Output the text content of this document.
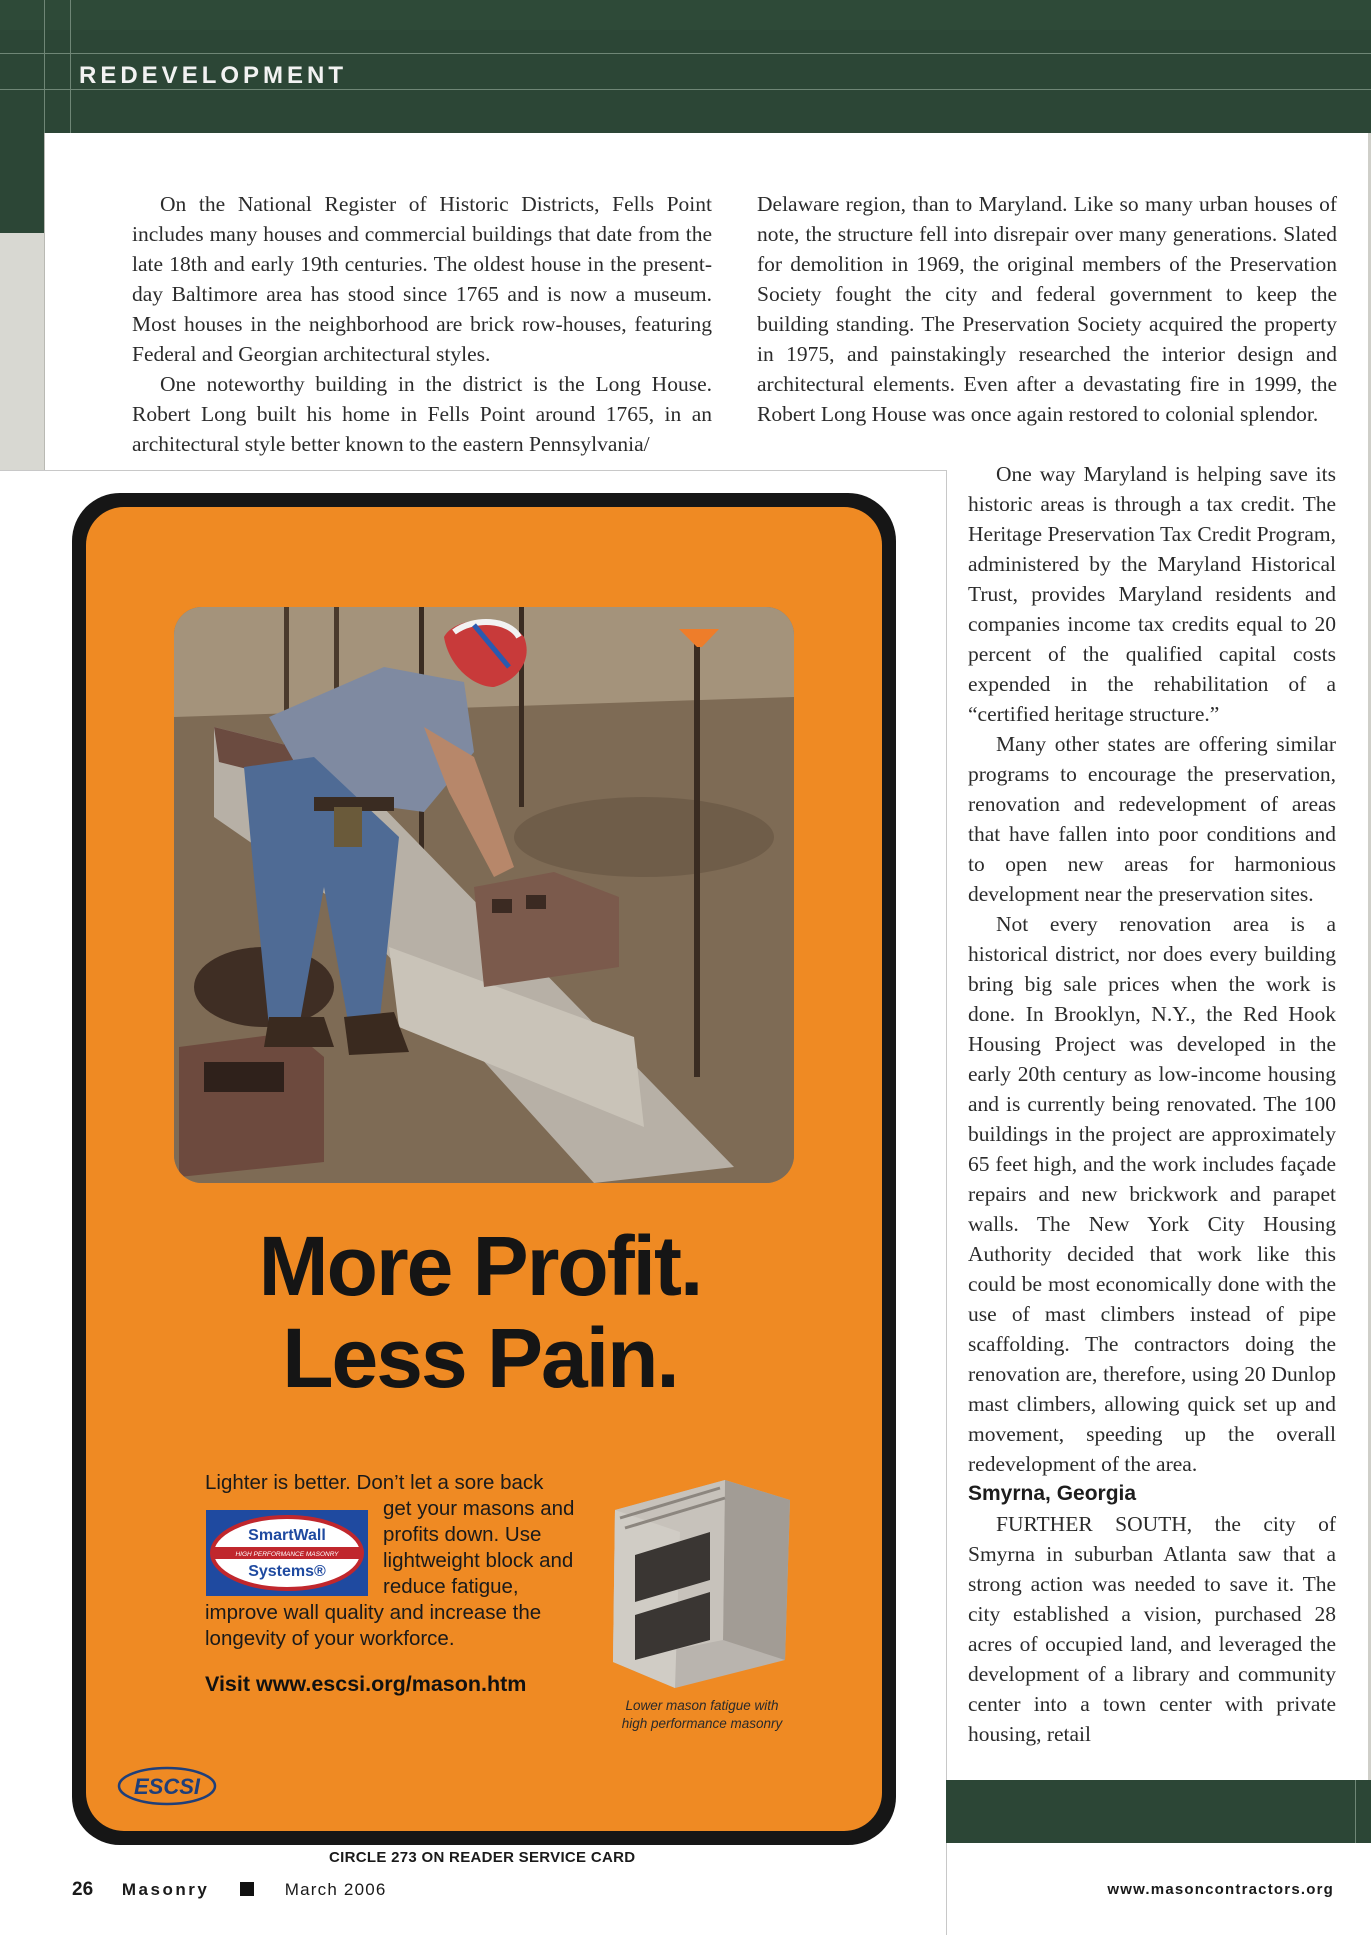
REDEVELOPMENT

On the National Register of Historic Districts, Fells Point includes many houses and commercial buildings that date from the late 18th and early 19th centuries. The oldest house in the present-day Baltimore area has stood since 1765 and is now a museum. Most houses in the neighborhood are brick row-houses, featuring Federal and Georgian architectural styles.

One noteworthy building in the district is the Long House. Robert Long built his home in Fells Point around 1765, in an architectural style better known to the eastern Pennsylvania/

Delaware region, than to Maryland. Like so many urban houses of note, the structure fell into disrepair over many generations. Slated for demolition in 1969, the original members of the Preservation Society fought the city and federal government to keep the building standing. The Preservation Society acquired the property in 1975, and painstakingly researched the interior design and architectural elements. Even after a devastating fire in 1999, the Robert Long House was once again restored to colonial splendor.

More Profit.
Less Pain.
Lighter is better. Don’t let a sore back
get your masons and profits down. Use lightweight block and reduce fatigue,
improve wall quality and increase the longevity of your workforce.
SmartWall
HIGH PERFORMANCE MASONRY
Systems®
Visit www.escsi.org/mason.htm
Lower mason fatigue with high performance masonry
ESCSI
CIRCLE 273 ON READER SERVICE CARD

One way Maryland is helping save its historic areas is through a tax credit. The Heritage Preservation Tax Credit Program, administered by the Maryland Historical Trust, provides Maryland residents and companies income tax credits equal to 20 percent of the qualified capital costs expended in the rehabilitation of a “certified heritage structure.”

Many other states are offering similar programs to encourage the preservation, renovation and redevelopment of areas that have fallen into poor conditions and to open new areas for harmonious development near the preservation sites.

Not every renovation area is a historical district, nor does every building bring big sale prices when the work is done. In Brooklyn, N.Y., the Red Hook Housing Project was developed in the early 20th century as low-income housing and is currently being renovated. The 100 buildings in the project are approximately 65 feet high, and the work includes façade repairs and new brickwork and parapet walls. The New York City Housing Authority decided that work like this could be most economically done with the use of mast climbers instead of pipe scaffolding. The contractors doing the renovation are, therefore, using 20 Dunlop mast climbers, allowing quick set up and movement, speeding up the overall redevelopment of the area.

Smyrna, Georgia

FURTHER SOUTH, the city of Smyrna in suburban Atlanta saw that a strong action was needed to save it. The city established a vision, purchased 28 acres of occupied land, and leveraged the development of a library and community center into a town center with private housing, retail

26 Masonry	March 2006	www.masoncontractors.org
